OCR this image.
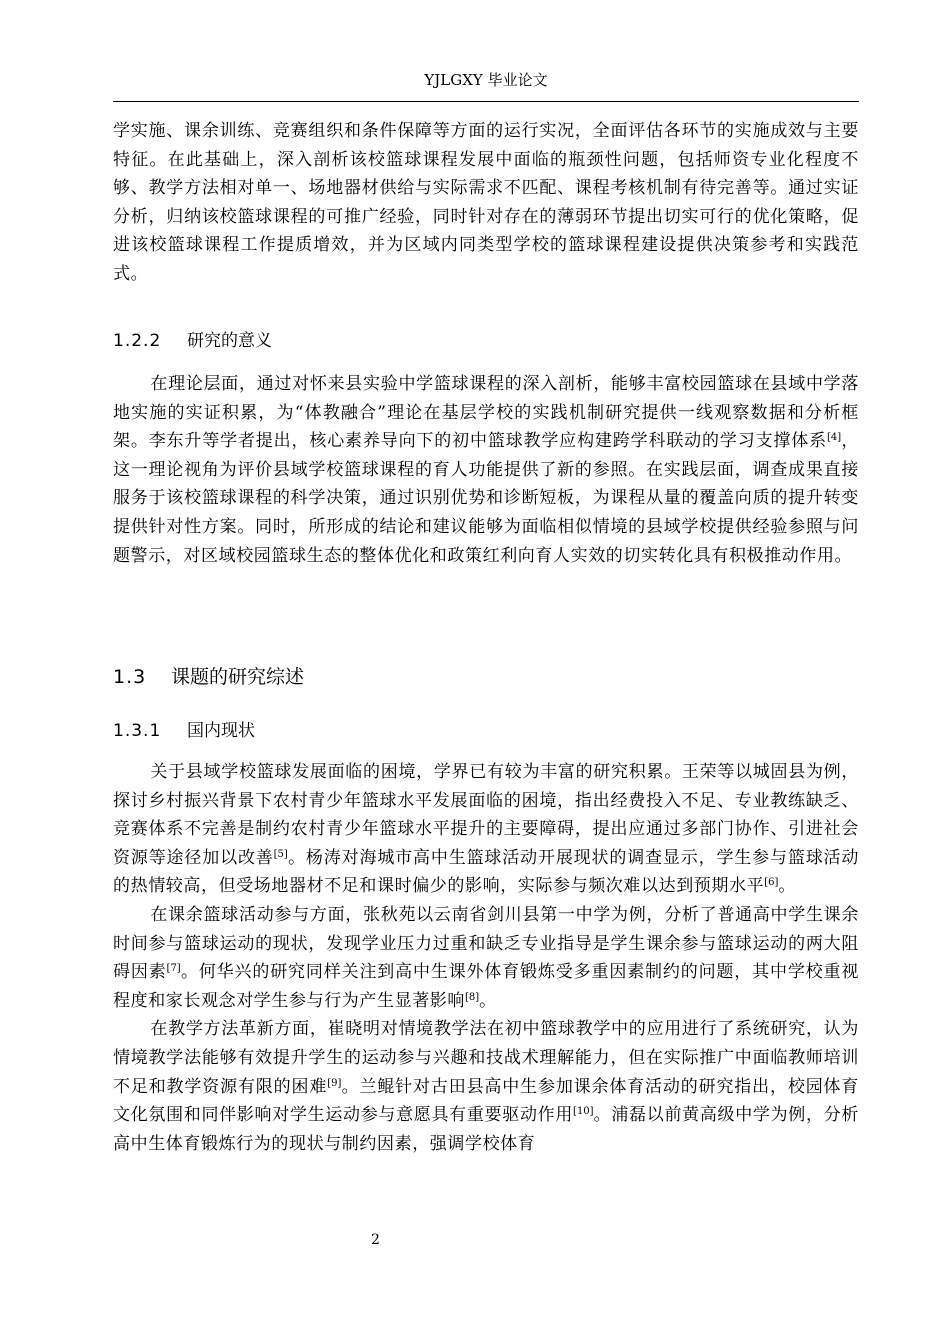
YJLGXY 毕业论文

学实施、课余训练、竞赛组织和条件保障等方面的运行实况，全面评估各环节的实施成效与主要特征。在此基础上，深入剖析该校篮球课程发展中面临的瓶颈性问题，包括师资专业化程度不够、教学方法相对单一、场地器材供给与实际需求不匹配、课程考核机制有待完善等。通过实证分析，归纳该校篮球课程的可推广经验，同时针对存在的薄弱环节提出切实可行的优化策略，促进该校篮球课程工作提质增效，并为区域内同类型学校的篮球课程建设提供决策参考和实践范式。

1.2.2 研究的意义

在理论层面，通过对怀来县实验中学篮球课程的深入剖析，能够丰富校园篮球在县域中学落地实施的实证积累，为“体教融合”理论在基层学校的实践机制研究提供一线观察数据和分析框架。李东升等学者提出，核心素养导向下的初中篮球教学应构建跨学科联动的学习支撑体系[4]，这一理论视角为评价县域学校篮球课程的育人功能提供了新的参照。在实践层面，调查成果直接服务于该校篮球课程的科学决策，通过识别优势和诊断短板，为课程从量的覆盖向质的提升转变提供针对性方案。同时，所形成的结论和建议能够为面临相似情境的县域学校提供经验参照与问题警示，对区域校园篮球生态的整体优化和政策红利向育人实效的切实转化具有积极推动作用。

1.3 课题的研究综述
1.3.1 国内现状

关于县域学校篮球发展面临的困境，学界已有较为丰富的研究积累。王荣等以城固县为例，探讨乡村振兴背景下农村青少年篮球水平发展面临的困境，指出经费投入不足、专业教练缺乏、竞赛体系不完善是制约农村青少年篮球水平提升的主要障碍，提出应通过多部门协作、引进社会资源等途径加以改善[5]。杨涛对海城市高中生篮球活动开展现状的调查显示，学生参与篮球活动的热情较高，但受场地器材不足和课时偏少的影响，实际参与频次难以达到预期水平[6]。

在课余篮球活动参与方面，张秋苑以云南省剑川县第一中学为例，分析了普通高中学生课余时间参与篮球运动的现状，发现学业压力过重和缺乏专业指导是学生课余参与篮球运动的两大阻碍因素[7]。何华兴的研究同样关注到高中生课外体育锻炼受多重因素制约的问题，其中学校重视程度和家长观念对学生参与行为产生显著影响[8]。

在教学方法革新方面，崔晓明对情境教学法在初中篮球教学中的应用进行了系统研究，认为情境教学法能够有效提升学生的运动参与兴趣和技战术理解能力，但在实际推广中面临教师培训不足和教学资源有限的困难[9]。兰鲲针对古田县高中生参加课余体育活动的研究指出，校园体育文化氛围和同伴影响对学生运动参与意愿具有重要驱动作用[10]。浦磊以前黄高级中学为例，分析高中生体育锻炼行为的现状与制约因素，强调学校体育

2
